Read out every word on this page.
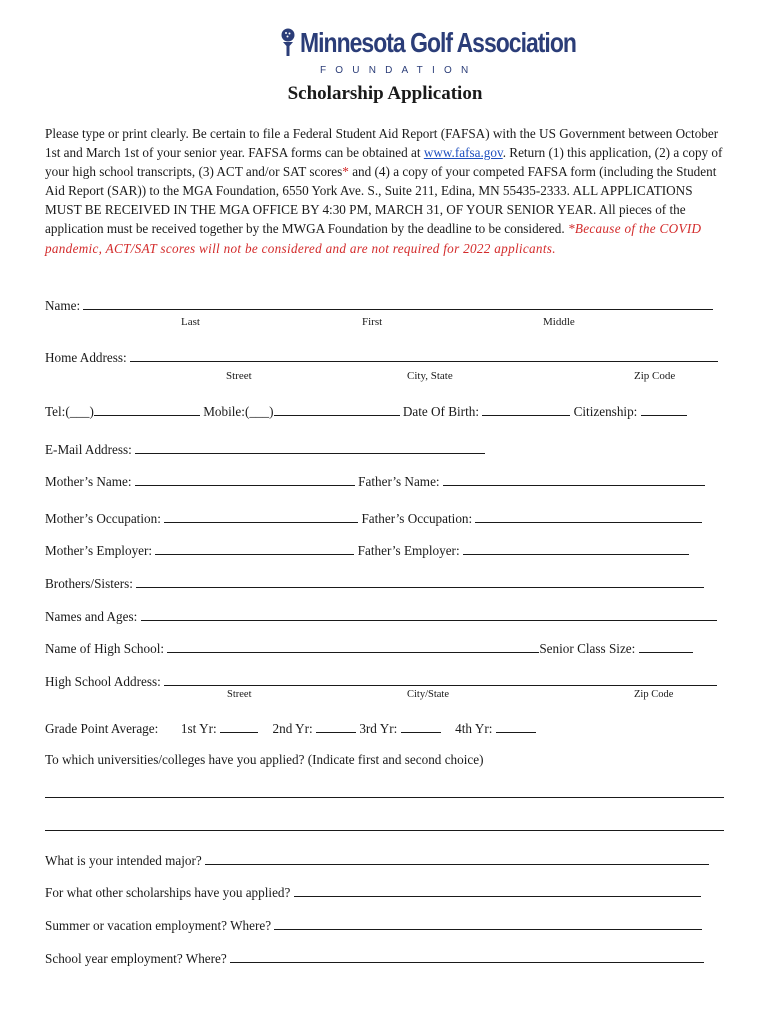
Minnesota Golf Association
FOUNDATION
Scholarship Application
Please type or print clearly. Be certain to file a Federal Student Aid Report (FAFSA) with the US Government between October 1st and March 1st of your senior year. FAFSA forms can be obtained at www.fafsa.gov. Return (1) this application, (2) a copy of your high school transcripts, (3) ACT and/or SAT scores* and (4) a copy of your competed FAFSA form (including the Student Aid Report (SAR)) to the MGA Foundation, 6550 York Ave. S., Suite 211, Edina, MN 55435-2333. ALL APPLICATIONS MUST BE RECEIVED IN THE MGA OFFICE BY 4:30 PM, MARCH 31, OF YOUR SENIOR YEAR. All pieces of the application must be received together by the MWGA Foundation by the deadline to be considered. *Because of the COVID pandemic, ACT/SAT scores will not be considered and are not required for 2022 applicants.
Name:
Last	First	Middle
Home Address:
Street	City, State	Zip Code
Tel:(___)	Mobile:(___)	Date Of Birth:	Citizenship:
E-Mail Address:
Mother’s Name:	Father’s Name:
Mother’s Occupation:	Father’s Occupation:
Mother’s Employer:	Father’s Employer:
Brothers/Sisters:
Names and Ages:
Name of High School:	Senior Class Size:
High School Address:
Street	City/State	Zip Code
Grade Point Average: 1st Yr:	2nd Yr:	3rd Yr:	4th Yr:
To which universities/colleges have you applied? (Indicate first and second choice)
What is your intended major?
For what other scholarships have you applied?
Summer or vacation employment? Where?
School year employment? Where?
